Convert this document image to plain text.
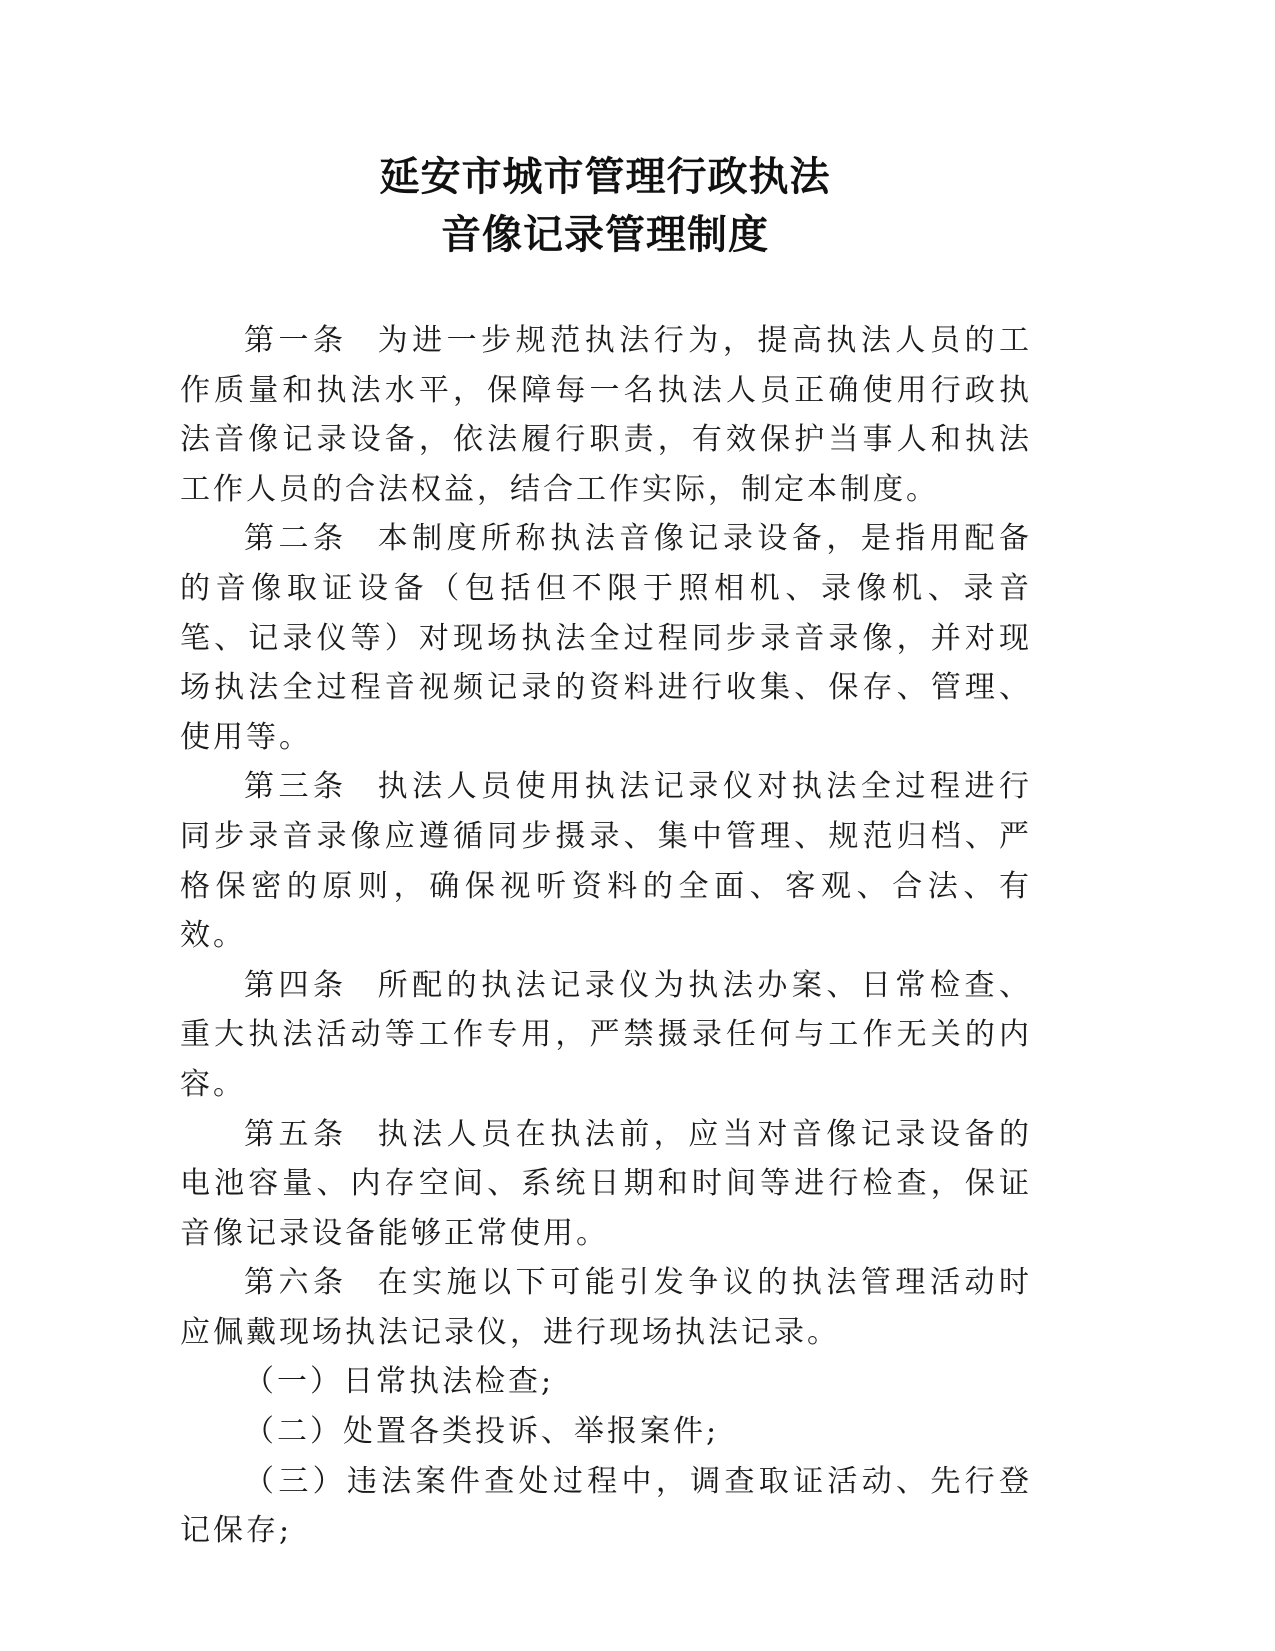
延安市城市管理行政执法
音像记录管理制度

第一条 为进一步规范执法行为，提高执法人员的工作质量和执法水平，保障每一名执法人员正确使用行政执法音像记录设备，依法履行职责，有效保护当事人和执法工作人员的合法权益，结合工作实际，制定本制度。

第二条 本制度所称执法音像记录设备，是指用配备的音像取证设备（包括但不限于照相机、录像机、录音笔、记录仪等）对现场执法全过程同步录音录像，并对现场执法全过程音视频记录的资料进行收集、保存、管理、使用等。

第三条 执法人员使用执法记录仪对执法全过程进行同步录音录像应遵循同步摄录、集中管理、规范归档、严格保密的原则，确保视听资料的全面、客观、合法、有效。

第四条 所配的执法记录仪为执法办案、日常检查、重大执法活动等工作专用，严禁摄录任何与工作无关的内容。

第五条 执法人员在执法前，应当对音像记录设备的电池容量、内存空间、系统日期和时间等进行检查，保证音像记录设备能够正常使用。

第六条 在实施以下可能引发争议的执法管理活动时应佩戴现场执法记录仪，进行现场执法记录。

（一）日常执法检查;

（二）处置各类投诉、举报案件;

（三）违法案件查处过程中，调查取证活动、先行登记保存;
